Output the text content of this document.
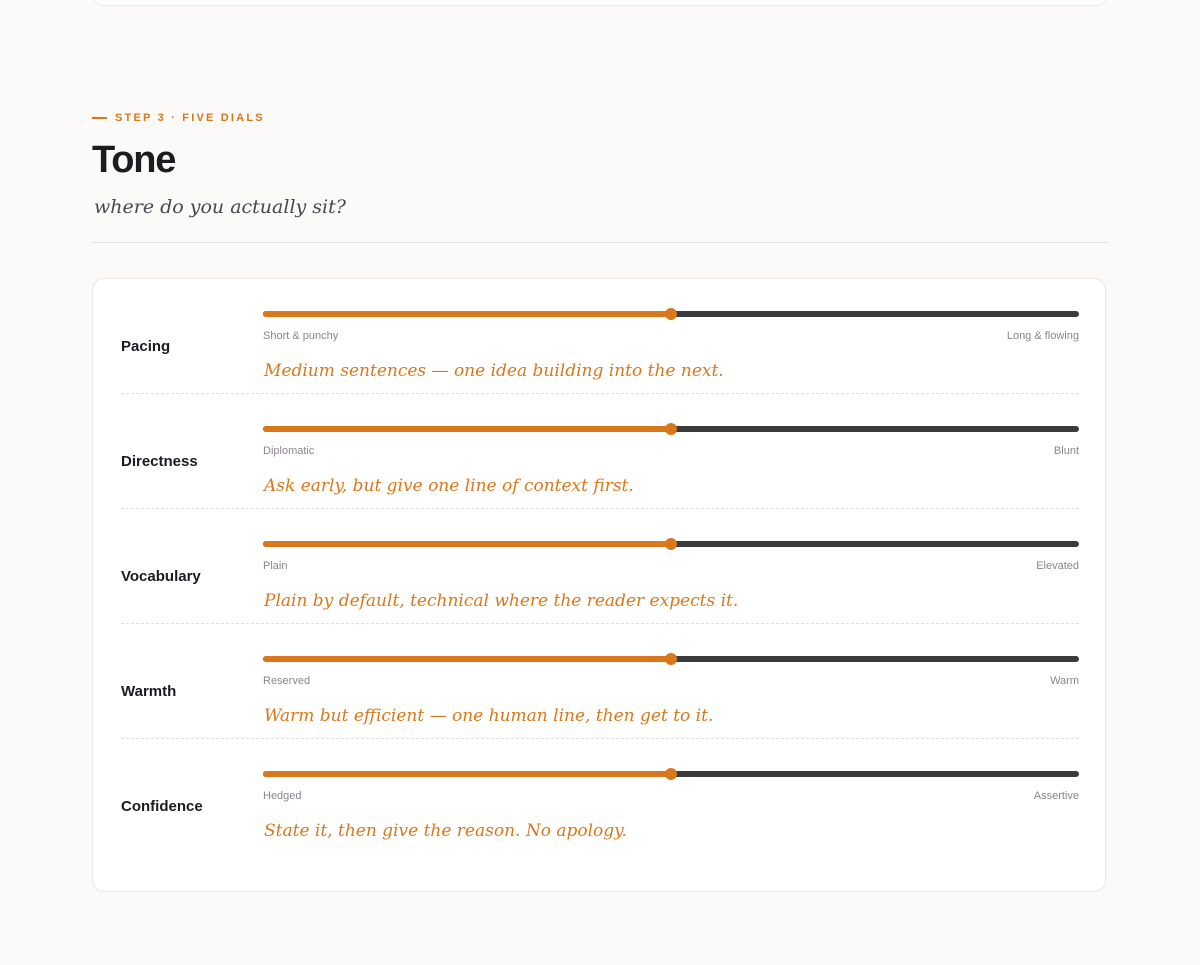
STEP 3 · FIVE DIALS
Tone
where do you actually sit?
Pacing
Short & punchy	Long & flowing
Medium sentences — one idea building into the next.
Directness
Diplomatic	Blunt
Ask early, but give one line of context first.
Vocabulary
Plain	Elevated
Plain by default, technical where the reader expects it.
Warmth
Reserved	Warm
Warm but efficient — one human line, then get to it.
Confidence
Hedged	Assertive
State it, then give the reason. No apology.
